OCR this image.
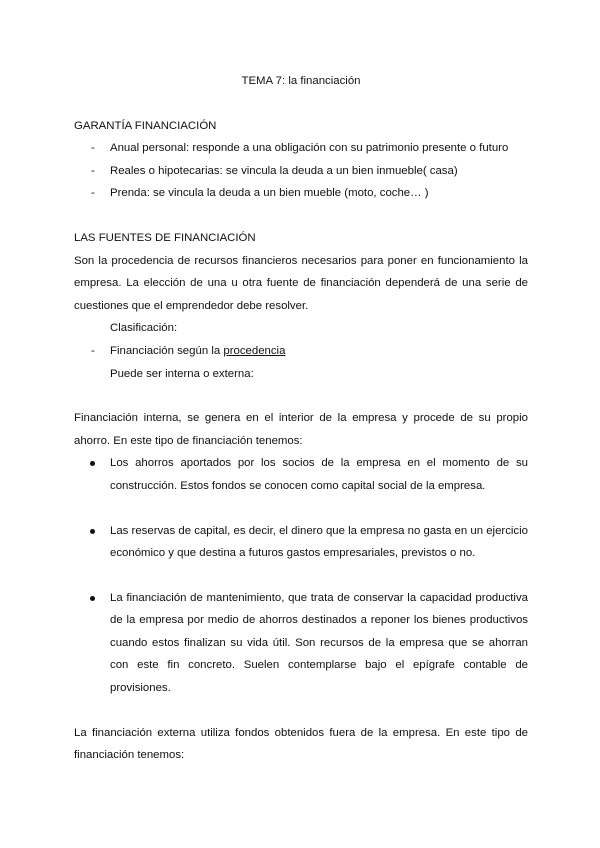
TEMA 7: la financiación

GARANTÍA FINANCIACIÓN

- Anual personal: responde a una obligación con su patrimonio presente o futuro
- Reales o hipotecarias: se vincula la deuda a un bien inmueble( casa)
- Prenda: se vincula la deuda a un bien mueble (moto, coche… )

LAS FUENTES DE FINANCIACIÓN

Son la procedencia de recursos financieros necesarios para poner en funcionamiento la empresa. La elección de una u otra fuente de financiación dependerá de una serie de cuestiones que el emprendedor debe resolver.

Clasificación:

- Financiación según la procedencia

Puede ser interna o externa:

Financiación interna, se genera en el interior de la empresa y procede de su propio ahorro. En este tipo de financiación tenemos:

Los ahorros aportados por los socios de la empresa en el momento de su construcción. Estos fondos se conocen como capital social de la empresa.
Las reservas de capital, es decir, el dinero que la empresa no gasta en un ejercicio económico y que destina a futuros gastos empresariales, previstos o no.
La financiación de mantenimiento, que trata de conservar la capacidad productiva de la empresa por medio de ahorros destinados a reponer los bienes productivos cuando estos finalizan su vida útil. Son recursos de la empresa que se ahorran con este fin concreto. Suelen contemplarse bajo el epígrafe contable de provisiones.

La financiación externa utiliza fondos obtenidos fuera de la empresa. En este tipo de financiación tenemos:
